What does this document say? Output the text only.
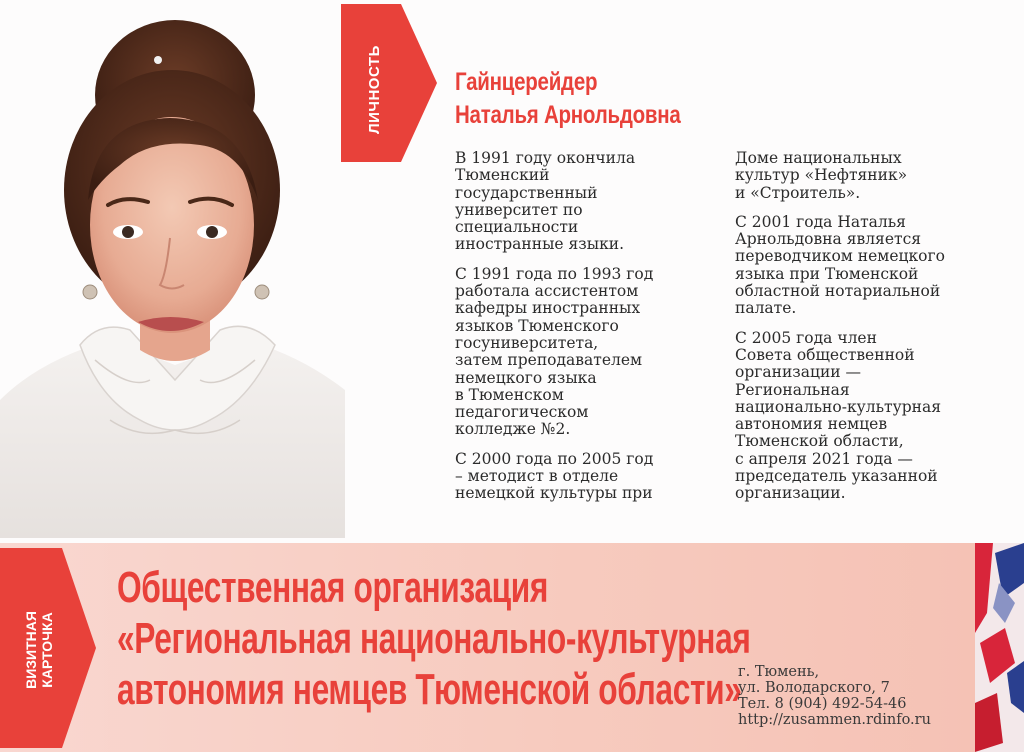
ЛИЧНОСТЬ	Гайнцерейдер
Наталья Арнольдовна

В 1991 году окончила
Тюменский
государственный
университет по
специальности
иностранные языки.

С 1991 года по 1993 год
работала ассистентом
кафедры иностранных
языков Тюменского
госуниверситета,
затем преподавателем
немецкого языка
в Тюменском
педагогическом
колледже №2.

С 2000 года по 2005 год
– методист в отделе
немецкой культуры при

Доме национальных
культур «Нефтяник»
и «Строитель».

С 2001 года Наталья
Арнольдовна является
переводчиком немецкого
языка при Тюменской
областной нотариальной
палате.

С 2005 года член
Совета общественной
организации —
Региональная
национально-культурная
автономия немцев
Тюменской области,
с апреля 2021 года —
председатель указанной
организации.

ВИЗИТНАЯ КАРТОЧКА
Общественная организация
«Региональная национально-культурная
автономия немцев Тюменской области»
г. Тюмень,
ул. Володарского, 7
Тел. 8 (904) 492-54-46
http://zusammen.rdinfo.ru
